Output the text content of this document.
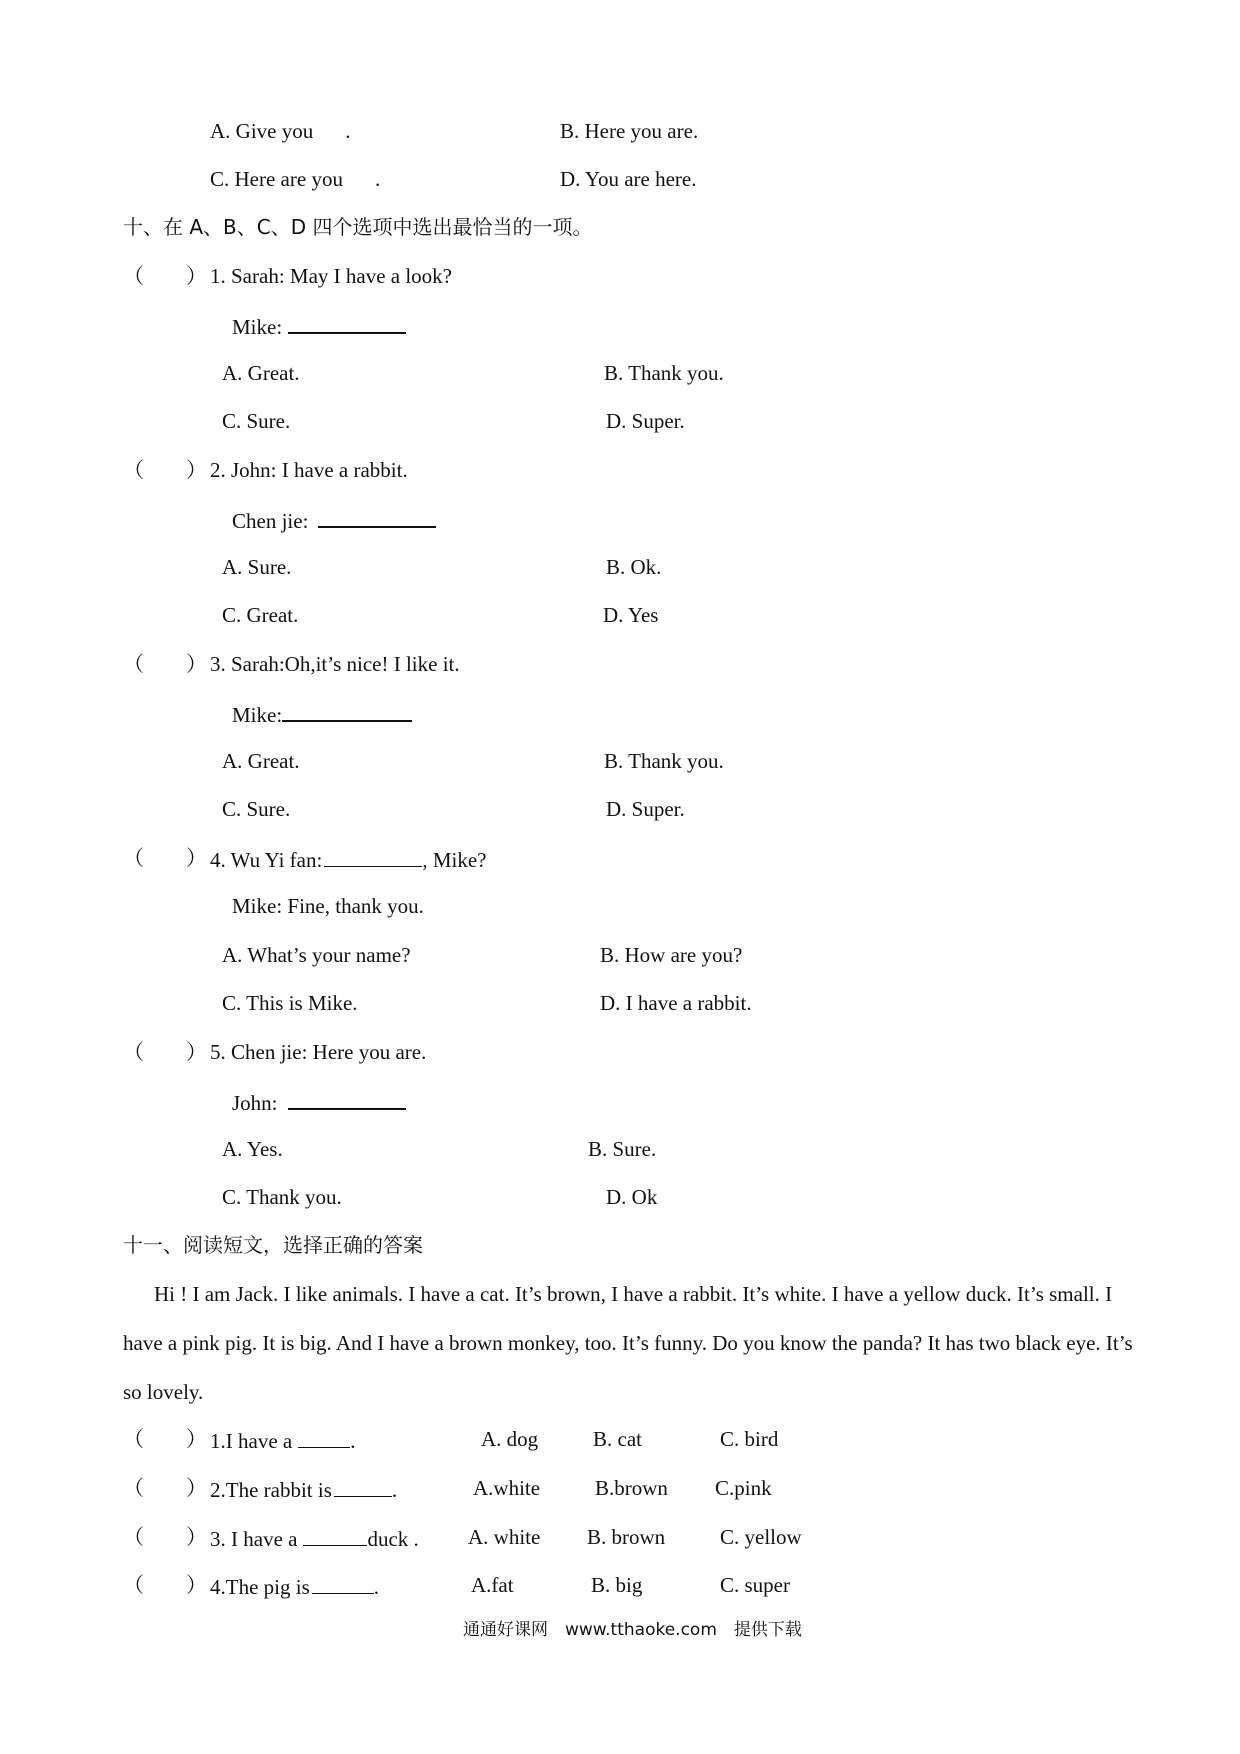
A. Give you .	B. Here you are.
C. Here are you .	D. You are here.
十、在 A、B、C、D 四个选项中选出最恰当的一项。
（　　） 1. Sarah: May I have a look?
Mike:
A. Great.	B. Thank you.
C. Sure.	D. Super.
（　　） 2. John: I have a rabbit.
Chen jie:
A. Sure.	B. Ok.
C. Great.	D. Yes
（　　） 3. Sarah:Oh,it’s nice! I like it.
Mike:
A. Great.	B. Thank you.
C. Sure.	D. Super.
（　　） 4. Wu Yi fan:	, Mike?
Mike: Fine, thank you.
A. What’s your name?	B. How are you?
C. This is Mike.	D. I have a rabbit.
（　　） 5. Chen jie: Here you are.
John:
A. Yes.	B. Sure.
C. Thank you.	D. Ok
十一、阅读短文，选择正确的答案
Hi ! I am Jack. I like animals. I have a cat. It’s brown, I have a rabbit. It’s white. I have a yellow duck. It’s small. I have a pink pig. It is big. And I have a brown monkey, too. It’s funny. Do you know the panda? It has two black eye. It’s so lovely.
（　　） 1.I have a	.	A. dog	B. cat	C. bird
（　　） 2.The rabbit is	.	A.white	B.brown C.pink
（　　） 3. I have a	duck . A. white B. brown	C. yellow
（　　） 4.The pig is	.	A.fat	B. big	C. super
通通好课网　www.tthaoke.com　提供下载
